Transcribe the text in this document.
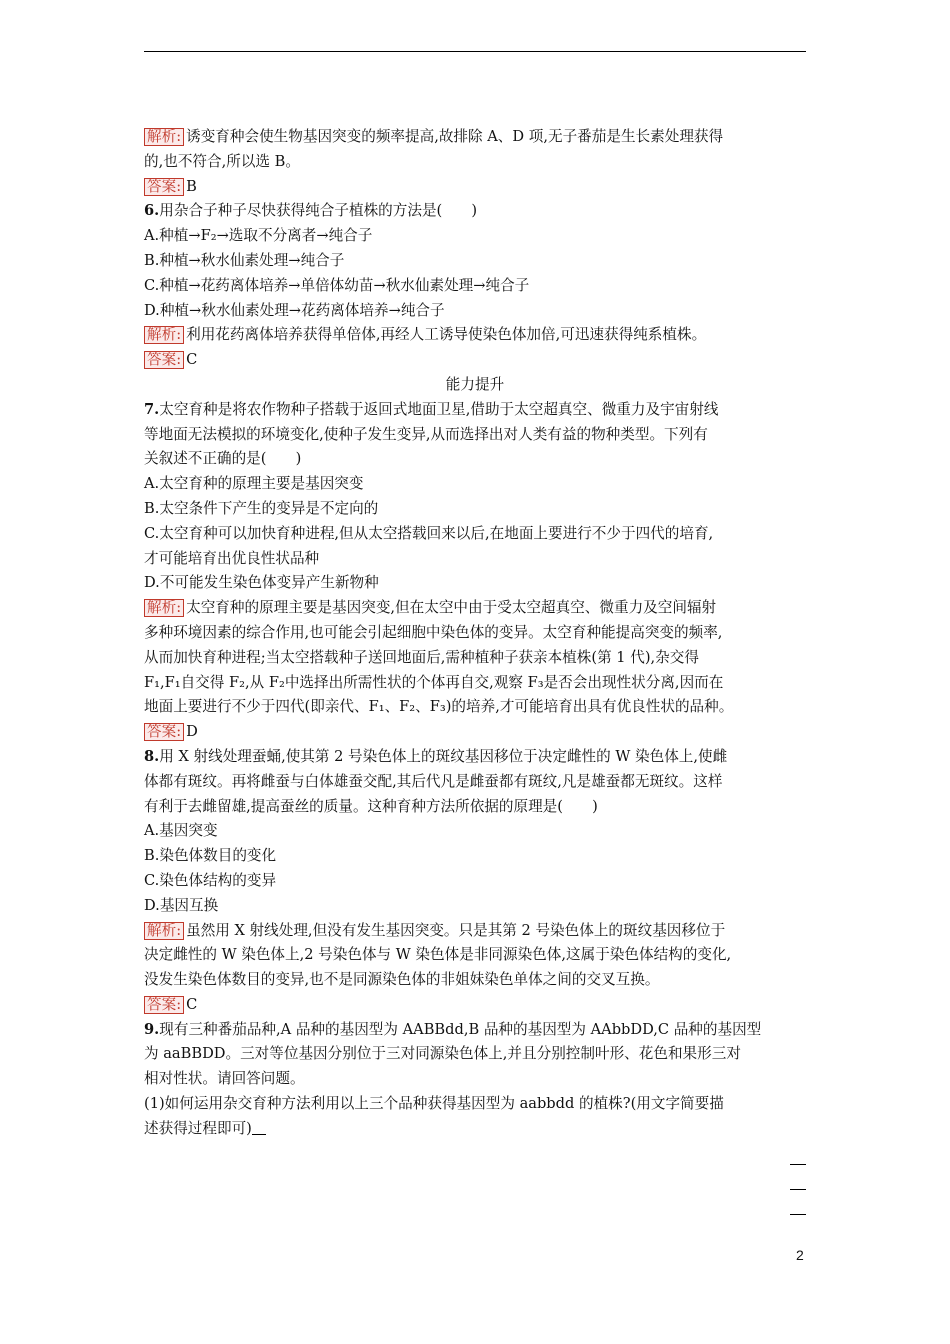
解析: 诱变育种会使生物基因突变的频率提高,故排除 A、D 项,无子番茄是生长素处理获得
的,也不符合,所以选 B。
答案: B
6.用杂合子种子尽快获得纯合子植株的方法是(　　)
A.种植→F₂→选取不分离者→纯合子
B.种植→秋水仙素处理→纯合子
C.种植→花药离体培养→单倍体幼苗→秋水仙素处理→纯合子
D.种植→秋水仙素处理→花药离体培养→纯合子
解析: 利用花药离体培养获得单倍体,再经人工诱导使染色体加倍,可迅速获得纯系植株。
答案: C
能力提升
7.太空育种是将农作物种子搭载于返回式地面卫星,借助于太空超真空、微重力及宇宙射线
等地面无法模拟的环境变化,使种子发生变异,从而选择出对人类有益的物种类型。下列有
关叙述不正确的是(　　)
A.太空育种的原理主要是基因突变
B.太空条件下产生的变异是不定向的
C.太空育种可以加快育种进程,但从太空搭载回来以后,在地面上要进行不少于四代的培育,
才可能培育出优良性状品种
D.不可能发生染色体变异产生新物种
解析: 太空育种的原理主要是基因突变,但在太空中由于受太空超真空、微重力及空间辐射
多种环境因素的综合作用,也可能会引起细胞中染色体的变异。太空育种能提高突变的频率,
从而加快育种进程;当太空搭载种子送回地面后,需种植种子获亲本植株(第 1 代),杂交得
F₁,F₁自交得 F₂,从 F₂中选择出所需性状的个体再自交,观察 F₃是否会出现性状分离,因而在
地面上要进行不少于四代(即亲代、F₁、F₂、F₃)的培养,才可能培育出具有优良性状的品种。
答案: D
8.用 X 射线处理蚕蛹,使其第 2 号染色体上的斑纹基因移位于决定雌性的 W 染色体上,使雌
体都有斑纹。再将雌蚕与白体雄蚕交配,其后代凡是雌蚕都有斑纹,凡是雄蚕都无斑纹。这样
有利于去雌留雄,提高蚕丝的质量。这种育种方法所依据的原理是(　　)
A.基因突变
B.染色体数目的变化
C.染色体结构的变异
D.基因互换
解析: 虽然用 X 射线处理,但没有发生基因突变。只是其第 2 号染色体上的斑纹基因移位于
决定雌性的 W 染色体上,2 号染色体与 W 染色体是非同源染色体,这属于染色体结构的变化,
没发生染色体数目的变异,也不是同源染色体的非姐妹染色单体之间的交叉互换。
答案: C
9.现有三种番茄品种,A 品种的基因型为 AABBdd,B 品种的基因型为 AAbbDD,C 品种的基因型
为 aaBBDD。三对等位基因分别位于三对同源染色体上,并且分别控制叶形、花色和果形三对
相对性状。请回答问题。
(1)如何运用杂交育种方法利用以上三个品种获得基因型为 aabbdd 的植株?(用文字简要描
述获得过程即可)
2
